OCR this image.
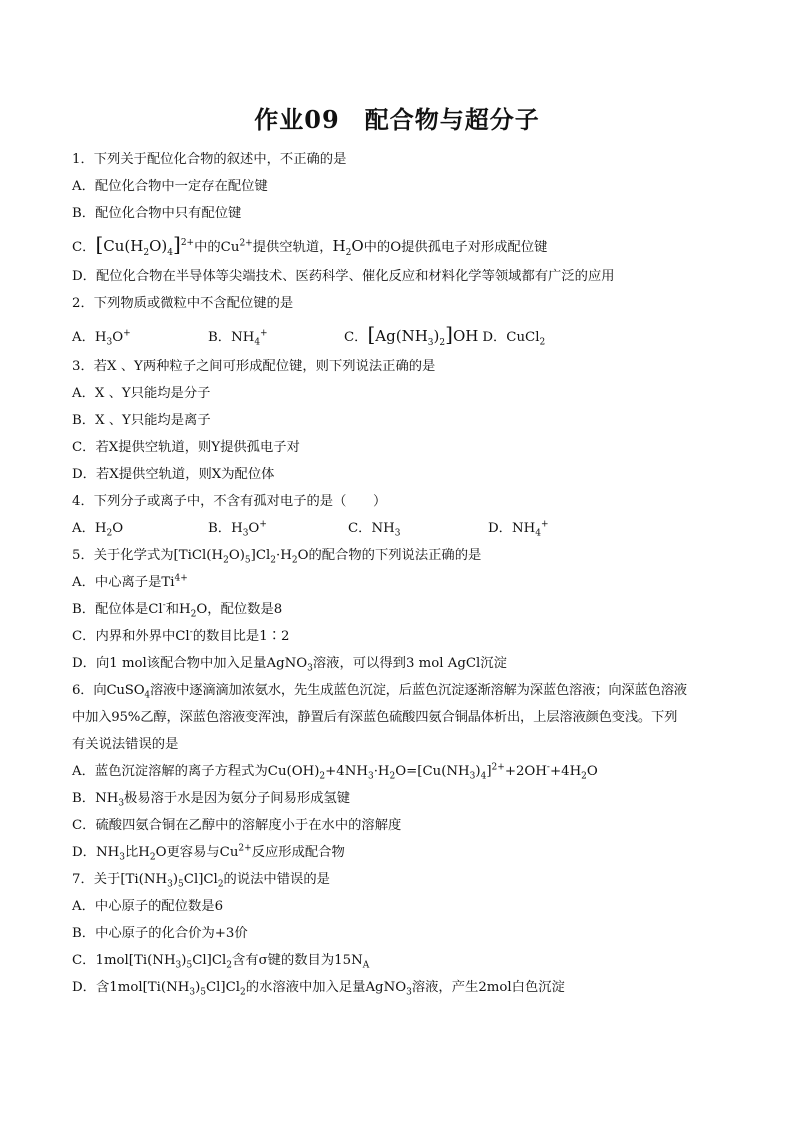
作业09　配合物与超分子
1．下列关于配位化合物的叙述中，不正确的是
A．配位化合物中一定存在配位键
B．配位化合物中只有配位键
C．$[Cu(H_2O)_4]^{2+}$中的$Cu^{2+}$提供空轨道，$H_2O$中的O提供孤电子对形成配位键
D．配位化合物在半导体等尖端技术、医药科学、催化反应和材料化学等领域都有广泛的应用
2．下列物质或微粒中不含配位键的是
A．$H_3O^+$	B．$NH_4^+$	C．$[Ag(NH_3)_2]OH$ D．CuCl$_2$
3．若X 、Y两种粒子之间可形成配位键，则下列说法正确的是
A．X 、Y只能均是分子
B．X 、Y只能均是离子
C．若X提供空轨道，则Y提供孤电子对
D．若X提供空轨道，则X为配位体
4．下列分子或离子中，不含有孤对电子的是（　　）
A．$H_2O$	B．$H_3O^+$	C．$NH_3$	D．$NH_4^+$
5．关于化学式为$[TiCl(H_2O)_5]Cl_2\cdot H_2O$的配合物的下列说法正确的是
A．中心离子是$Ti^{4+}$
B．配位体是Cl-和$H_2O$，配位数是8
C．内界和外界中Cl-的数目比是1∶2
D．向1 mol该配合物中加入足量AgNO$_3$溶液，可以得到3 mol AgCl沉淀
6．向CuSO$_4$溶液中逐滴滴加浓氨水，先生成蓝色沉淀，后蓝色沉淀逐渐溶解为深蓝色溶液；向深蓝色溶液
中加入95%乙醇，深蓝色溶液变浑浊，静置后有深蓝色硫酸四氨合铜晶体析出，上层溶液颜色变浅。下列
有关说法错误的是
A．蓝色沉淀溶解的离子方程式为$Cu(OH)_2+4NH_3\cdot H_2O=[Cu(NH_3)_4]^{2+}+2OH^-+4H_2O$
B．$NH_3$极易溶于水是因为氨分子间易形成氢键
C．硫酸四氨合铜在乙醇中的溶解度小于在水中的溶解度
D．$NH_3$比$H_2O$更容易与$Cu^{2+}$反应形成配合物
7．关于$[Ti(NH_3)_5Cl]Cl_2$的说法中错误的是
A．中心原子的配位数是6
B．中心原子的化合价为+3价
C．$1mol[Ti(NH_3)_5Cl]Cl_2$含有σ键的数目为$15N_A$
D．含$1mol[Ti(NH_3)_5Cl]Cl_2$的水溶液中加入足量AgNO$_3$溶液，产生2mol白色沉淀
